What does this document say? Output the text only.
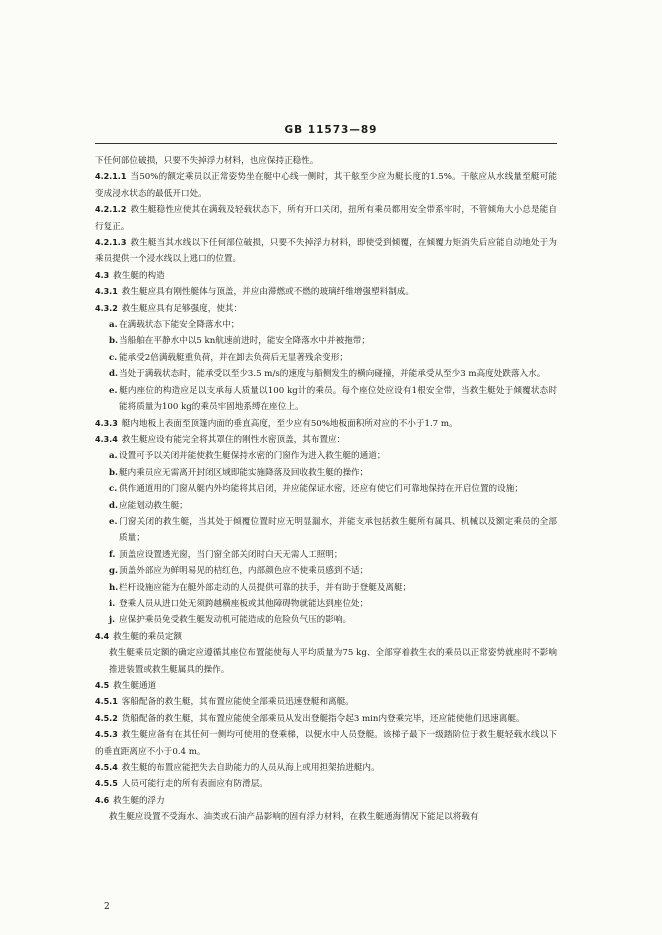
GB 11573—89

下任何部位破损，只要不失掉浮力材料，也应保持正稳性。

4.2.1.1 当50%的额定乘员以正常姿势坐在艇中心线一侧时，其干舷至少应为艇长度的1.5%。干舷应从水线量至艇可能变成浸水状态的最低开口处。

4.2.1.2 救生艇稳性应使其在满载及轻载状态下，所有开口关闭，扭所有乘员都用安全带系牢时，不管倾角大小总是能自行复正。

4.2.1.3 救生艇当其水线以下任何部位破损，只要不失掉浮力材料，即使受到倾覆，在倾覆力矩消失后应能自动地处于为乘员提供一个浸水线以上逃口的位置。

4.3 救生艇的构造

4.3.1 救生艇应具有刚性艇体与顶盖，并应由滞燃或不燃的玻璃纤维增强塑料制成。

4.3.2 救生艇应具有足够强度，使其：

a.在满载状态下能安全降落水中；

b.当船舶在平静水中以5 kn航速前进时，能安全降落水中并被拖带；

c. 能承受2倍满载艇重负荷，并在卸去负荷后无显著残余变形；

d.当处于满载状态时，能承受以至少3.5 m/s的速度与船侧发生的横向碰撞，并能承受从至少3 m高度处跌落入水。

e. 艇内座位的构造应足以支承每人质量以100 kg计的乘员。每个座位处应设有1根安全带，当救生艇处于倾覆状态时能将质量为100 kg的乘员牢固地系缚在座位上。

4.3.3 艇内地板上表面至顶篷内面的垂直高度，至少应有50%地板面积所对应的不小于1.7 m。

4.3.4 救生艇应设有能完全将其罩住的刚性水密顶盖，其布置应：

a.设置可予以关闭并能使救生艇保持水密的门窗作为进入救生艇的通道；

b.艇内乘员应无需离开封闭区域即能实施降落及回收救生艇的操作；

c. 供作通道用的门窗从艇内外均能将其启闭，并应能保证水密，还应有使它们可靠地保持在开启位置的设施；

d.应能划动救生艇；

e. 门窗关闭的救生艇，当其处于倾覆位置时应无明显漏水，并能支承包括救生艇所有属具、机械以及额定乘员的全部质量；

f. 顶盖应设置透光窗，当门窗全部关闭时白天无需人工照明；

g.顶盖外部应为鲜明易见的桔红色，内部颜色应不使乘员感到不适；

h.栏杆设施应能为在艇外部走动的人员提供可靠的扶手，并有助于登艇及离艇；

i. 登乘人员从进口处无须跨越横座板或其他障碍物就能达到座位处；

j. 应保护乘员免受救生艇发动机可能造成的危险负气压的影响。

4.4 救生艇的乘员定额

救生艇乘员定额的确定应遵循其座位布置能使每人平均质量为75 kg、全部穿着救生衣的乘员以正常姿势就座时不影响推进装置或救生艇属具的操作。

4.5 救生艇通道

4.5.1 客船配备的救生艇，其布置应能使全部乘员迅速登艇和离艇。

4.5.2 货船配备的救生艇，其布置应能使全部乘员从发出登艇指令起3 min内登乘完毕，还应能使他们迅速离艇。

4.5.3 救生艇应备有在其任何一侧均可使用的登乘梯，以便水中人员登艇。该梯子最下一级踏阶位于救生艇轻载水线以下的垂直距离应不小于0.4 m。

4.5.4 救生艇的布置应能把失去自助能力的人员从海上或用担架抬进艇内。

4.5.5 人员可能行走的所有表面应有防滑层。

4.6 救生艇的浮力

救生艇应设置不受海水、油类或石油产品影响的固有浮力材料，在救生艇通海情况下能足以将载有

2
